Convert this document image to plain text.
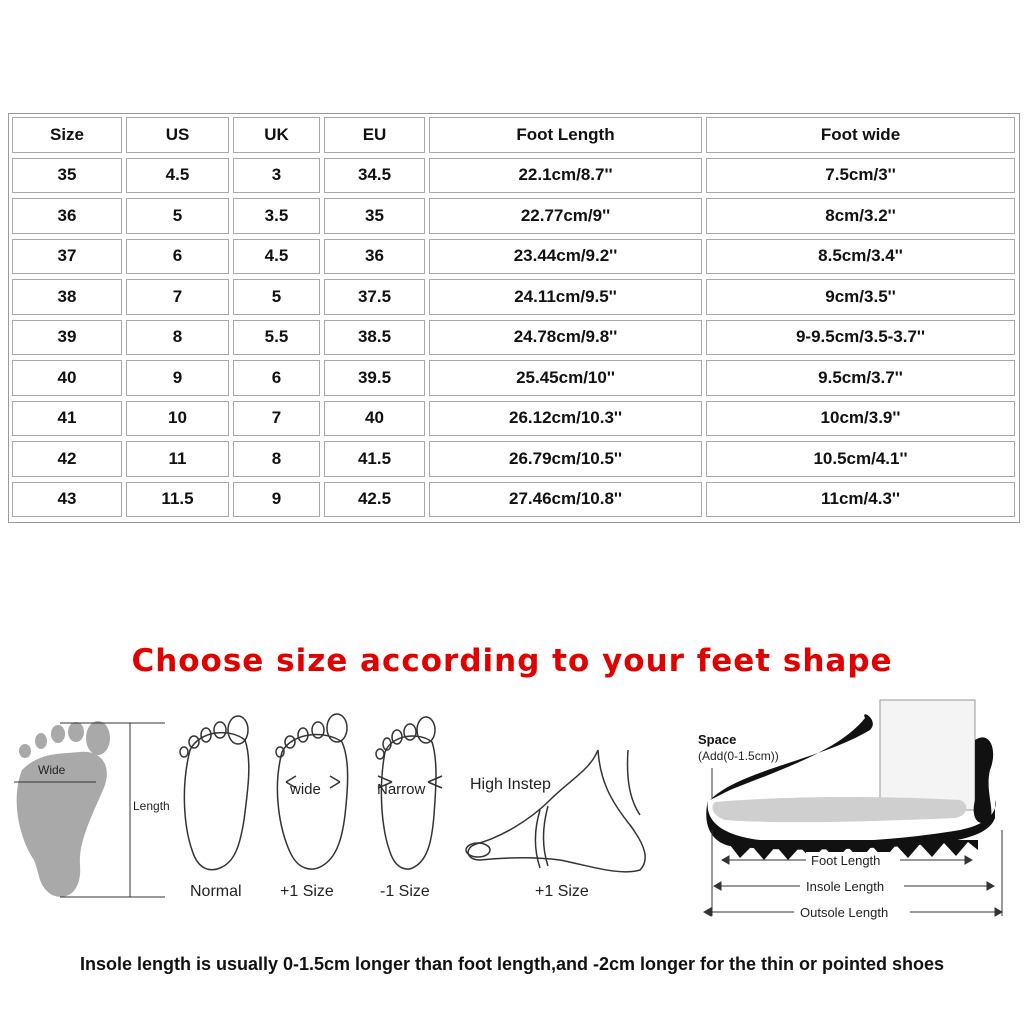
Size	US	UK	EU	Foot Length	Foot wide
35	4.5	3	34.5	22.1cm/8.7''	7.5cm/3''
36	5	3.5	35	22.77cm/9''	8cm/3.2''
37	6	4.5	36	23.44cm/9.2''	8.5cm/3.4''
38	7	5	37.5	24.11cm/9.5''	9cm/3.5''
39	8	5.5	38.5	24.78cm/9.8''	9-9.5cm/3.5-3.7''
40	9	6	39.5	25.45cm/10''	9.5cm/3.7''
41	10	7	40	26.12cm/10.3''	10cm/3.9''
42	11	8	41.5	26.79cm/10.5''	10.5cm/4.1''
43	11.5	9	42.5	27.46cm/10.8''	11cm/4.3''
Choose size according to your feet shape
Wide
Length
Normal
wide
+1 Size
Narrow
-1 Size
High Instep
+1 Size
Space
(Add(0-1.5cm))
Foot Length
Insole Length
Outsole Length
Insole length is usually 0-1.5cm longer than foot length,and -2cm longer for the thin or pointed shoes
